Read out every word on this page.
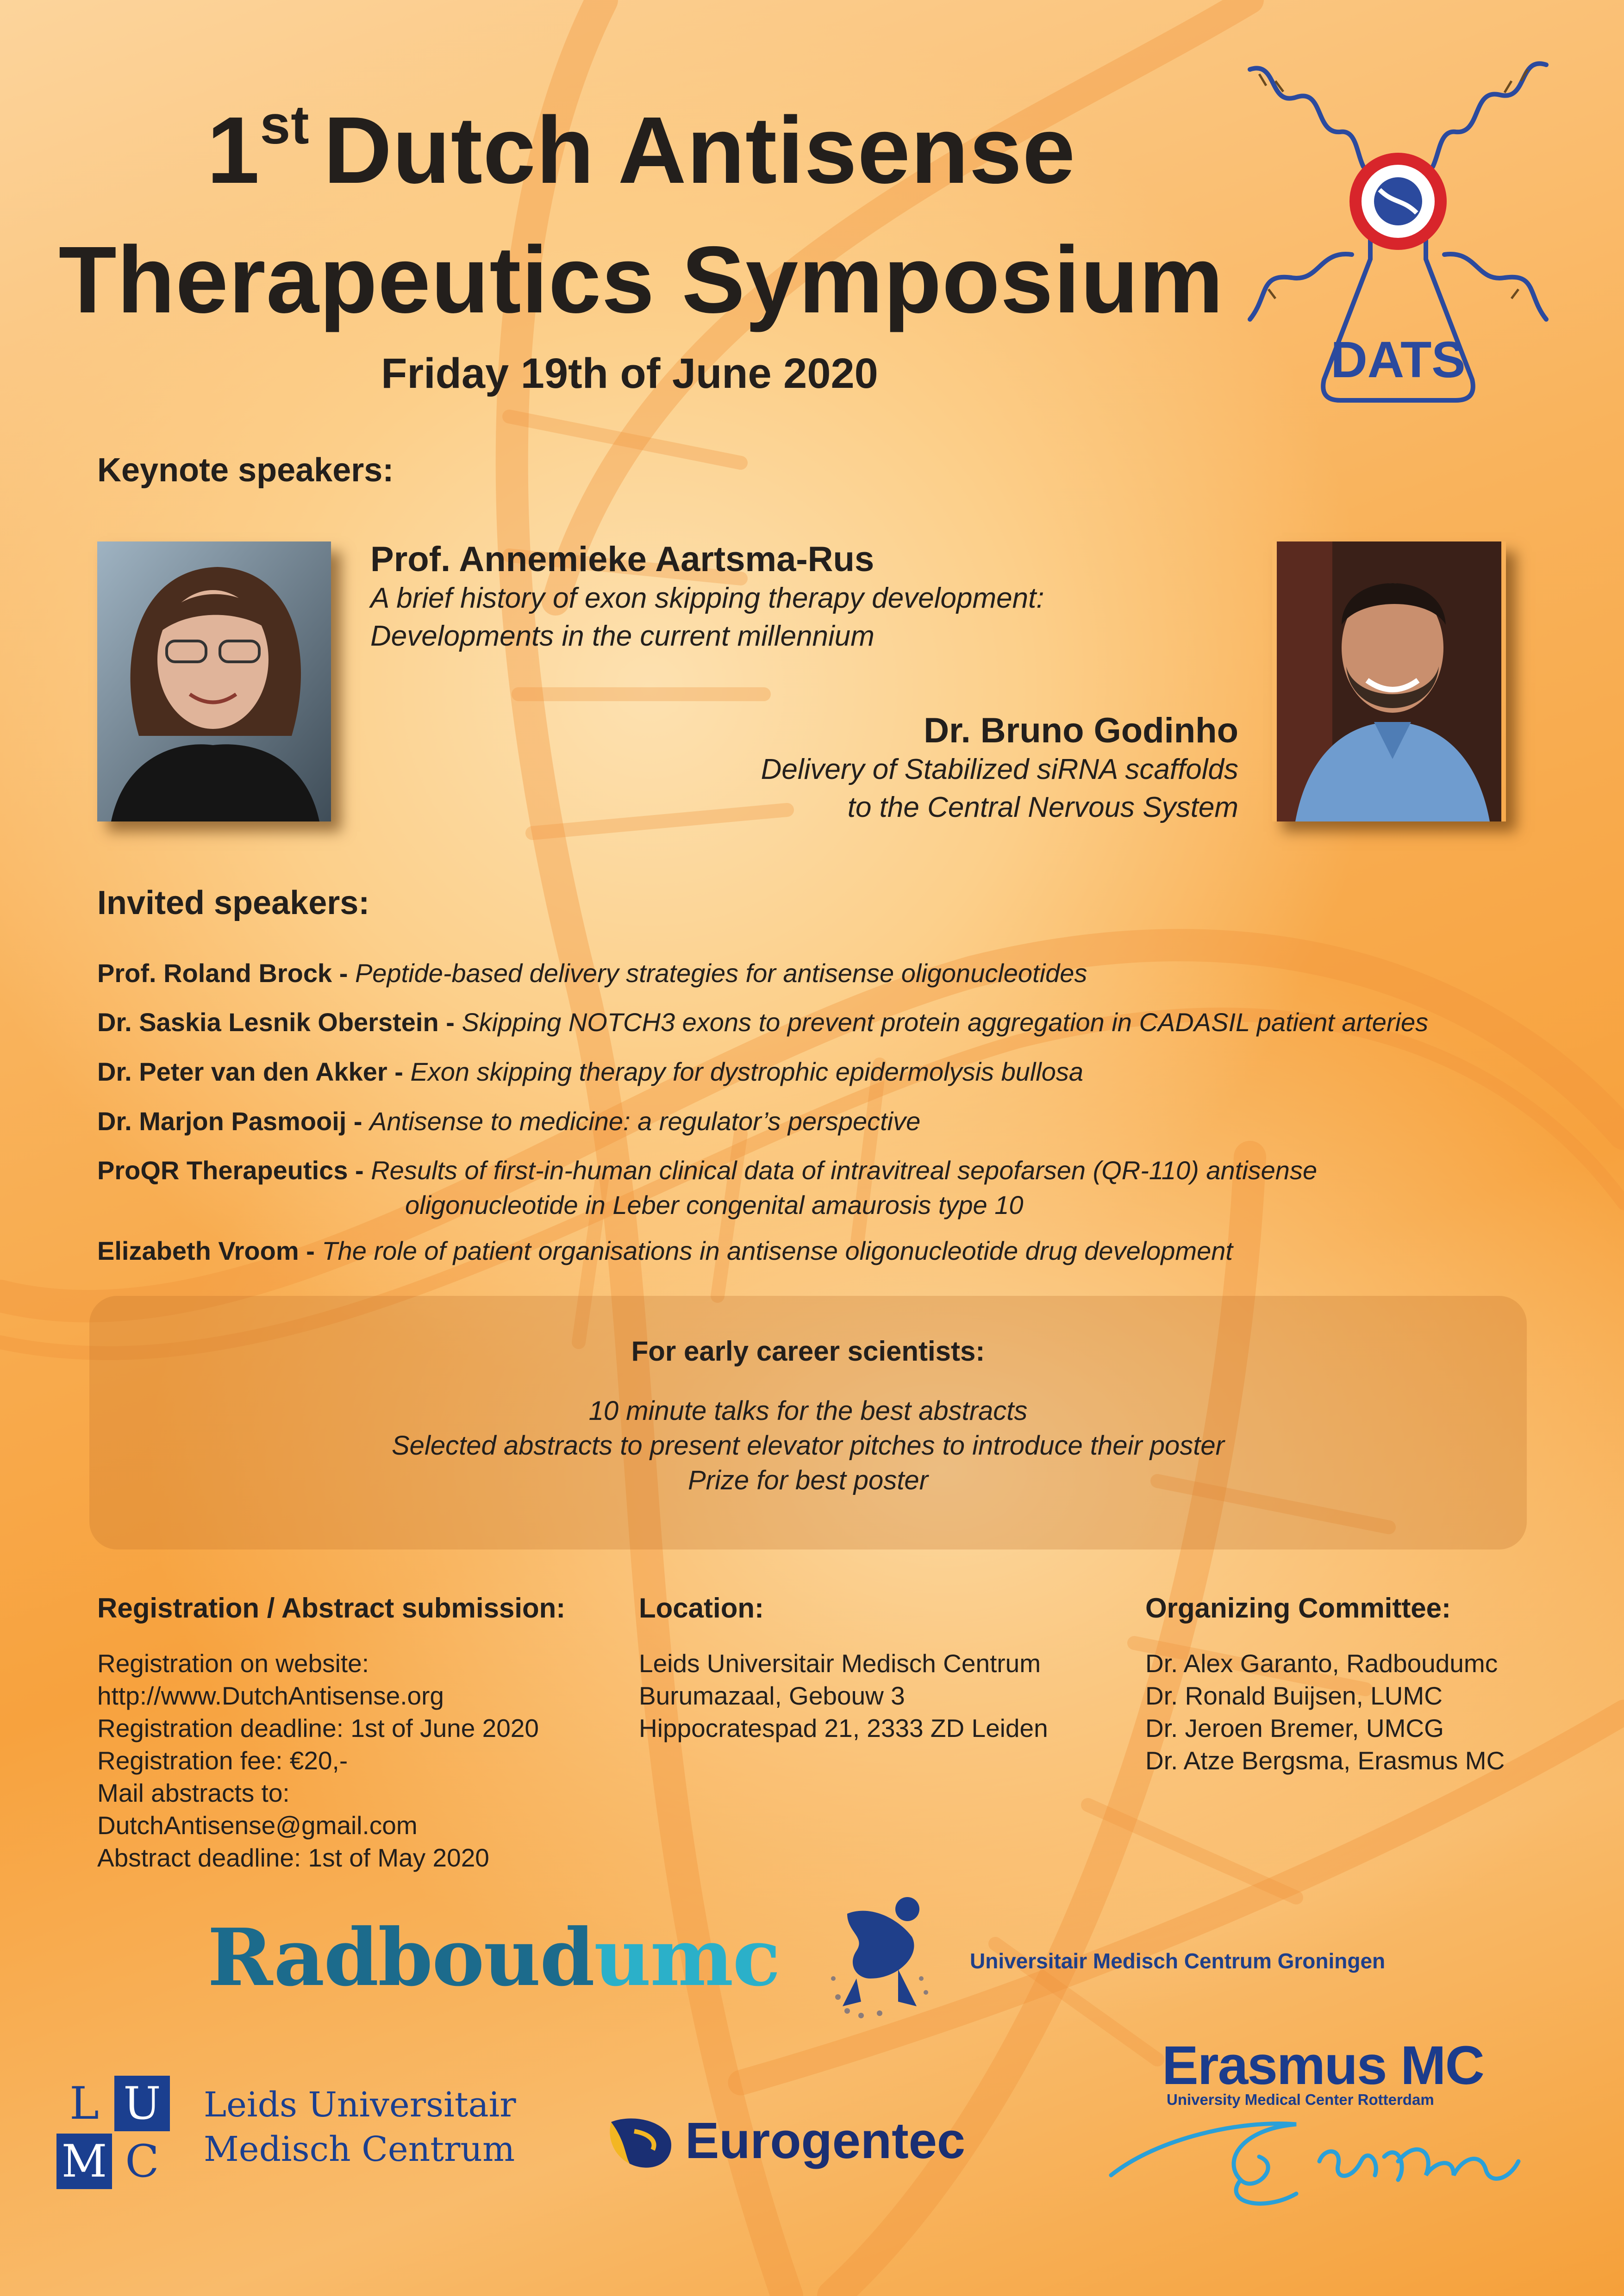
1st Dutch Antisense
Therapeutics Symposium
Friday 19th of June 2020	DATS
Keynote speakers:
Prof. Annemieke Aartsma-Rus
A brief history of exon skipping therapy development:
Developments in the current millennium
Dr. Bruno Godinho
Delivery of Stabilized siRNA scaffolds
to the Central Nervous System
Invited speakers:
Prof. Roland Brock - Peptide-based delivery strategies for antisense oligonucleotides
Dr. Saskia Lesnik Oberstein - Skipping NOTCH3 exons to prevent protein aggregation in CADASIL patient arteries
Dr. Peter van den Akker - Exon skipping therapy for dystrophic epidermolysis bullosa
Dr. Marjon Pasmooij - Antisense to medicine: a regulator’s perspective
ProQR Therapeutics - Results of first-in-human clinical data of intravitreal sepofarsen (QR-110) antisense
oligonucleotide in Leber congenital amaurosis type 10
Elizabeth Vroom - The role of patient organisations in antisense oligonucleotide drug development
For early career scientists:
10 minute talks for the best abstracts
Selected abstracts to present elevator pitches to introduce their poster
Prize for best poster
Registration / Abstract submission:
Registration on website:
http://www.DutchAntisense.org
Registration deadline: 1st of June 2020
Registration fee: €20,-
Mail abstracts to:
DutchAntisense@gmail.com
Abstract deadline: 1st of May 2020
Location:
Leids Universitair Medisch Centrum
Burumazaal, Gebouw 3
Hippocratespad 21, 2333 ZD Leiden
Organizing Committee:
Dr. Alex Garanto, Radboudumc
Dr. Ronald Buijsen, LUMC
Dr. Jeroen Bremer, UMCG
Dr. Atze Bergsma, Erasmus MC
Radboudumc	Universitair Medisch Centrum Groningen
L U
M C
Leids Universitair
Medisch Centrum	Eurogentec
Erasmus MC
University Medical Center Rotterdam
